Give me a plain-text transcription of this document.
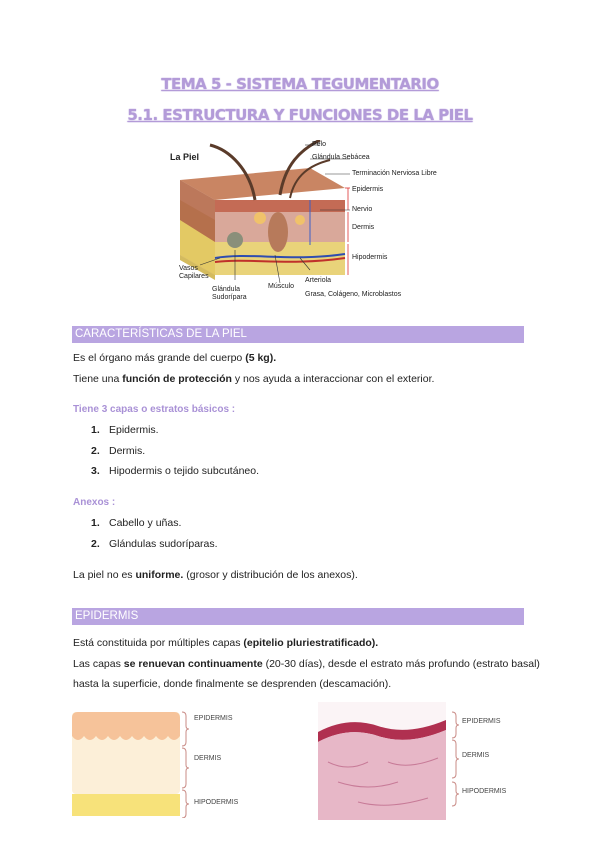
TEMA 5 - SISTEMA TEGUMENTARIO
5.1. ESTRUCTURA Y FUNCIONES DE LA PIEL
La Piel
Pelo
Glándula Sebácea
Terminación Nerviosa Libre
Epidermis
Nervio
Dermis
Hipodermis
Vasos
Capilares
Glándula
Sudorípara
Músculo
Arteriola
Grasa, Colágeno, Microblastos
CARACTERÍSTICAS DE LA PIEL
Es el órgano más grande del cuerpo (5 kg).
Tiene una función de protección y nos ayuda a interaccionar con el exterior.
Tiene 3 capas o estratos básicos :
1. Epidermis.
2. Dermis.
3. Hipodermis o tejido subcutáneo.
Anexos :
1. Cabello y uñas.
2. Glándulas sudoríparas.
La piel no es uniforme. (grosor y distribución de los anexos).
EPIDERMIS
Está constituida por múltiples capas (epitelio pluriestratificado).
Las capas se renuevan continuamente (20-30 días), desde el estrato más profundo (estrato basal)
hasta la superficie, donde finalmente se desprenden (descamación).
EPIDERMIS
DERMIS
HIPODERMIS
EPIDERMIS
DERMIS
HIPODERMIS
